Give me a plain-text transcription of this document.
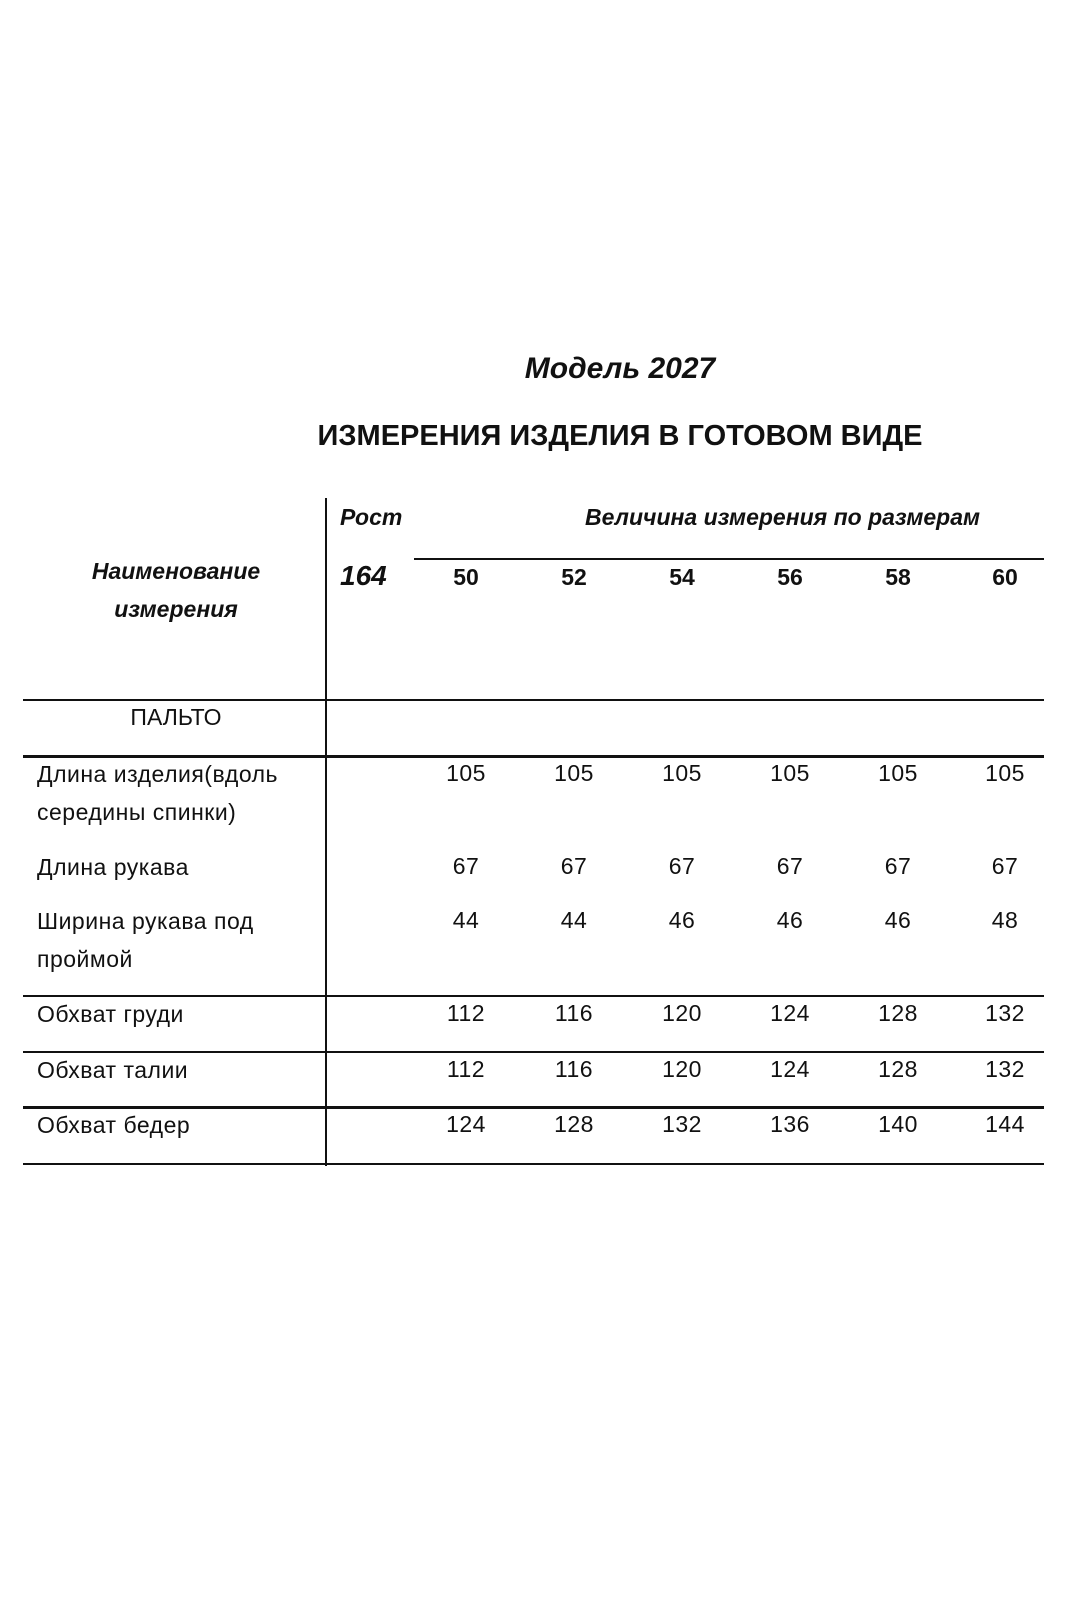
Модель 2027
ИЗМЕРЕНИЯ ИЗДЕЛИЯ В ГОТОВОМ ВИДЕ
Наименование
измерения
Рост
164
Величина измерения по размерам
50	52	54	56	58	60
ПАЛЬТО
Длина изделия(вдоль
середины спинки)
105	105	105	105	105	105
Длина рукава	67	67	67	67	67	67
Ширина рукава под
проймой
44	44	46	46	46	48
Обхват груди	112	116	120	124	128	132
Обхват талии	112	116	120	124	128	132
Обхват бедер	124	128	132	136	140	144
